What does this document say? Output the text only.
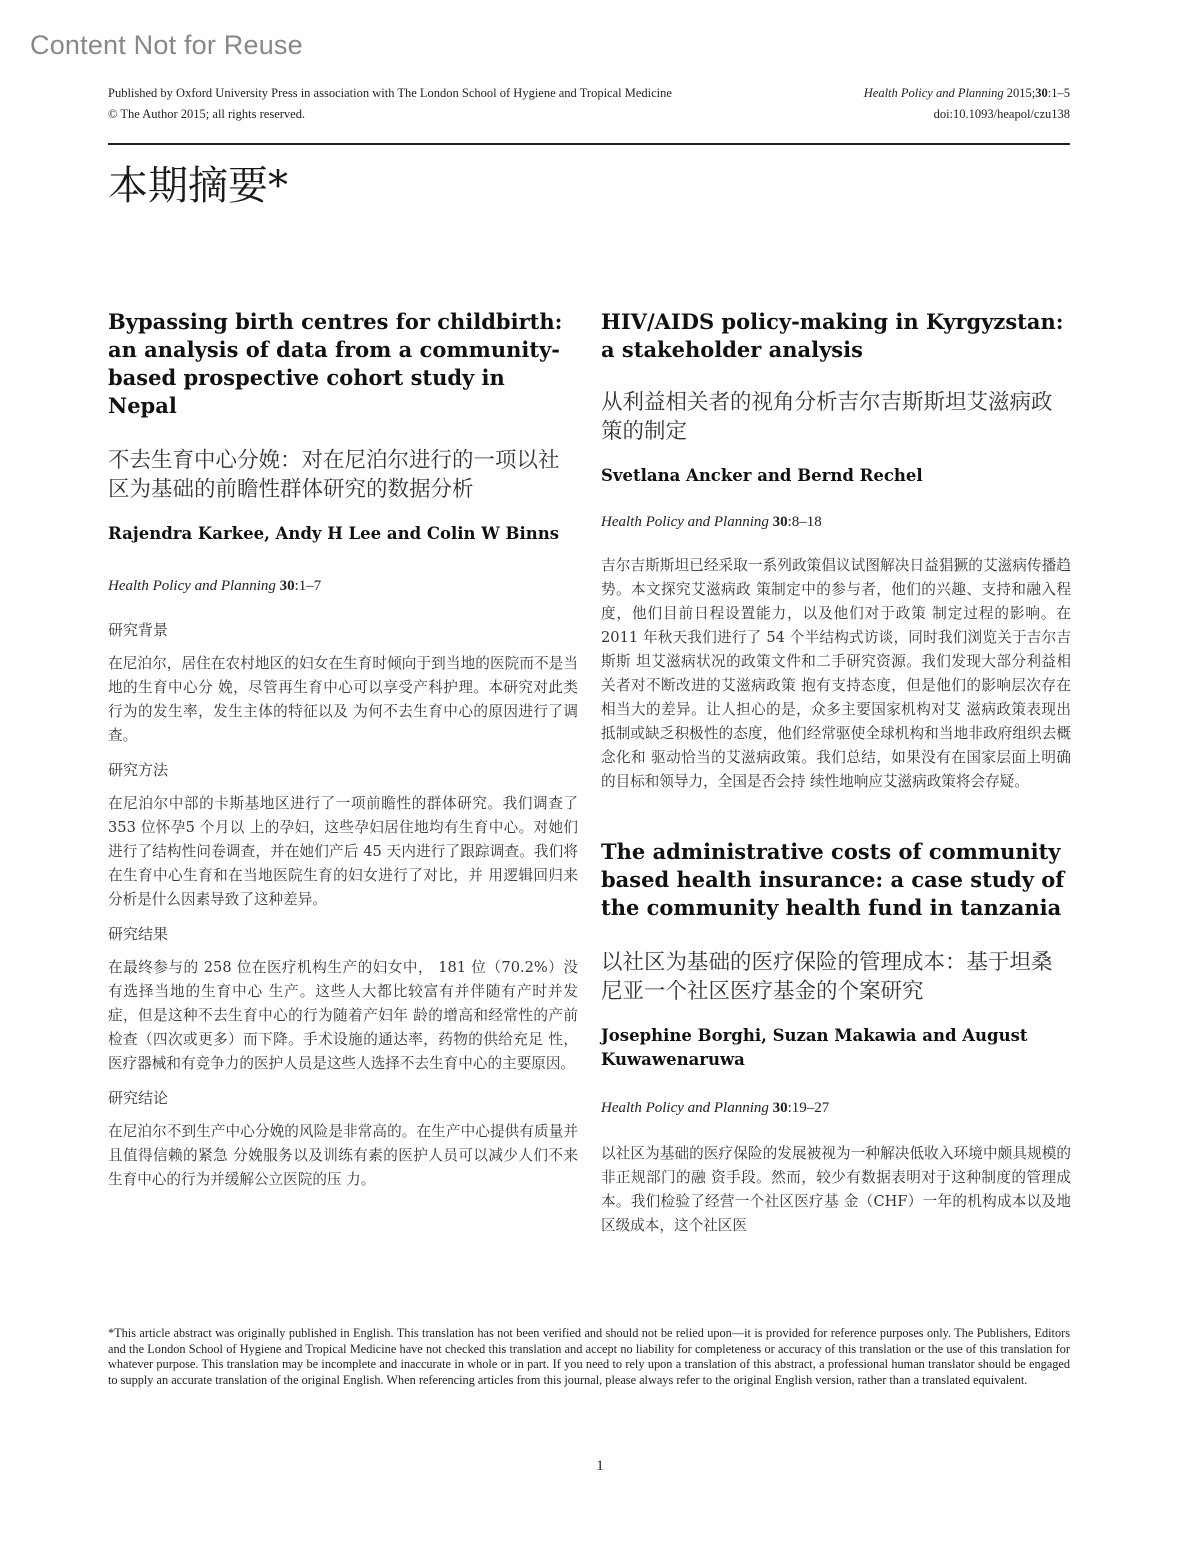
Content Not for Reuse
Published by Oxford University Press in association with The London School of Hygiene and Tropical Medicine
© The Author 2015; all rights reserved.
Health Policy and Planning 2015;30:1–5
doi:10.1093/heapol/czu138
本期摘要*

Bypassing birth centres for childbirth: an analysis of data from a community-based prospective cohort study in Nepal

不去生育中心分娩：对在尼泊尔进行的一项以社区为基础的前瞻性群体研究的数据分析

Rajendra Karkee, Andy H Lee and Colin W Binns

Health Policy and Planning 30:1–7

研究背景

在尼泊尔，居住在农村地区的妇女在生育时倾向于到当地的医院而不是当地的生育中心分 娩，尽管再生育中心可以享受产科护理。本研究对此类行为的发生率，发生主体的特征以及 为何不去生育中心的原因进行了调查。

研究方法

在尼泊尔中部的卡斯基地区进行了一项前瞻性的群体研究。我们调查了353 位怀孕5 个月以 上的孕妇，这些孕妇居住地均有生育中心。对她们进行了结构性问卷调查，并在她们产后 45 天内进行了跟踪调查。我们将在生育中心生育和在当地医院生育的妇女进行了对比，并 用逻辑回归来分析是什么因素导致了这种差异。

研究结果

在最终参与的 258 位在医疗机构生产的妇女中， 181 位（70.2%）没有选择当地的生育中心 生产。这些人大都比较富有并伴随有产时并发症，但是这种不去生育中心的行为随着产妇年 龄的增高和经常性的产前检查（四次或更多）而下降。手术设施的通达率，药物的供给充足 性，医疗器械和有竞争力的医护人员是这些人选择不去生育中心的主要原因。

研究结论

在尼泊尔不到生产中心分娩的风险是非常高的。在生产中心提供有质量并且值得信赖的紧急 分娩服务以及训练有素的医护人员可以减少人们不来生育中心的行为并缓解公立医院的压 力。

HIV/AIDS policy-making in Kyrgyzstan: a stakeholder analysis

从利益相关者的视角分析吉尔吉斯斯坦艾滋病政策的制定

Svetlana Ancker and Bernd Rechel

Health Policy and Planning 30:8–18

吉尔吉斯斯坦已经采取一系列政策倡议试图解决日益猖獗的艾滋病传播趋势。本文探究艾滋病政 策制定中的参与者，他们的兴趣、支持和融入程度，他们目前日程设置能力，以及他们对于政策 制定过程的影响。在 2011 年秋天我们进行了 54 个半结构式访谈，同时我们浏览关于吉尔吉斯斯 坦艾滋病状况的政策文件和二手研究资源。我们发现大部分利益相关者对不断改进的艾滋病政策 抱有支持态度，但是他们的影响层次存在相当大的差异。让人担心的是，众多主要国家机构对艾 滋病政策表现出抵制或缺乏积极性的态度，他们经常驱使全球机构和当地非政府组织去概念化和 驱动恰当的艾滋病政策。我们总结，如果没有在国家层面上明确的目标和领导力，全国是否会持 续性地响应艾滋病政策将会存疑。

The administrative costs of community based health insurance: a case study of the community health fund in tanzania

以社区为基础的医疗保险的管理成本：基于坦桑尼亚一个社区医疗基金的个案研究

Josephine Borghi, Suzan Makawia and August Kuwawenaruwa

Health Policy and Planning 30:19–27

以社区为基础的医疗保险的发展被视为一种解决低收入环境中颇具规模的非正规部门的融 资手段。然而，较少有数据表明对于这种制度的管理成本。我们检验了经营一个社区医疗基 金（CHF）一年的机构成本以及地区级成本，这个社区医

*This article abstract was originally published in English. This translation has not been verified and should not be relied upon—it is provided for reference purposes only. The Publishers, Editors and the London School of Hygiene and Tropical Medicine have not checked this translation and accept no liability for completeness or accuracy of this translation or the use of this translation for whatever purpose. This translation may be incomplete and inaccurate in whole or in part. If you need to rely upon a translation of this abstract, a professional human translator should be engaged to supply an accurate translation of the original English. When referencing articles from this journal, please always refer to the original English version, rather than a translated equivalent.
1
